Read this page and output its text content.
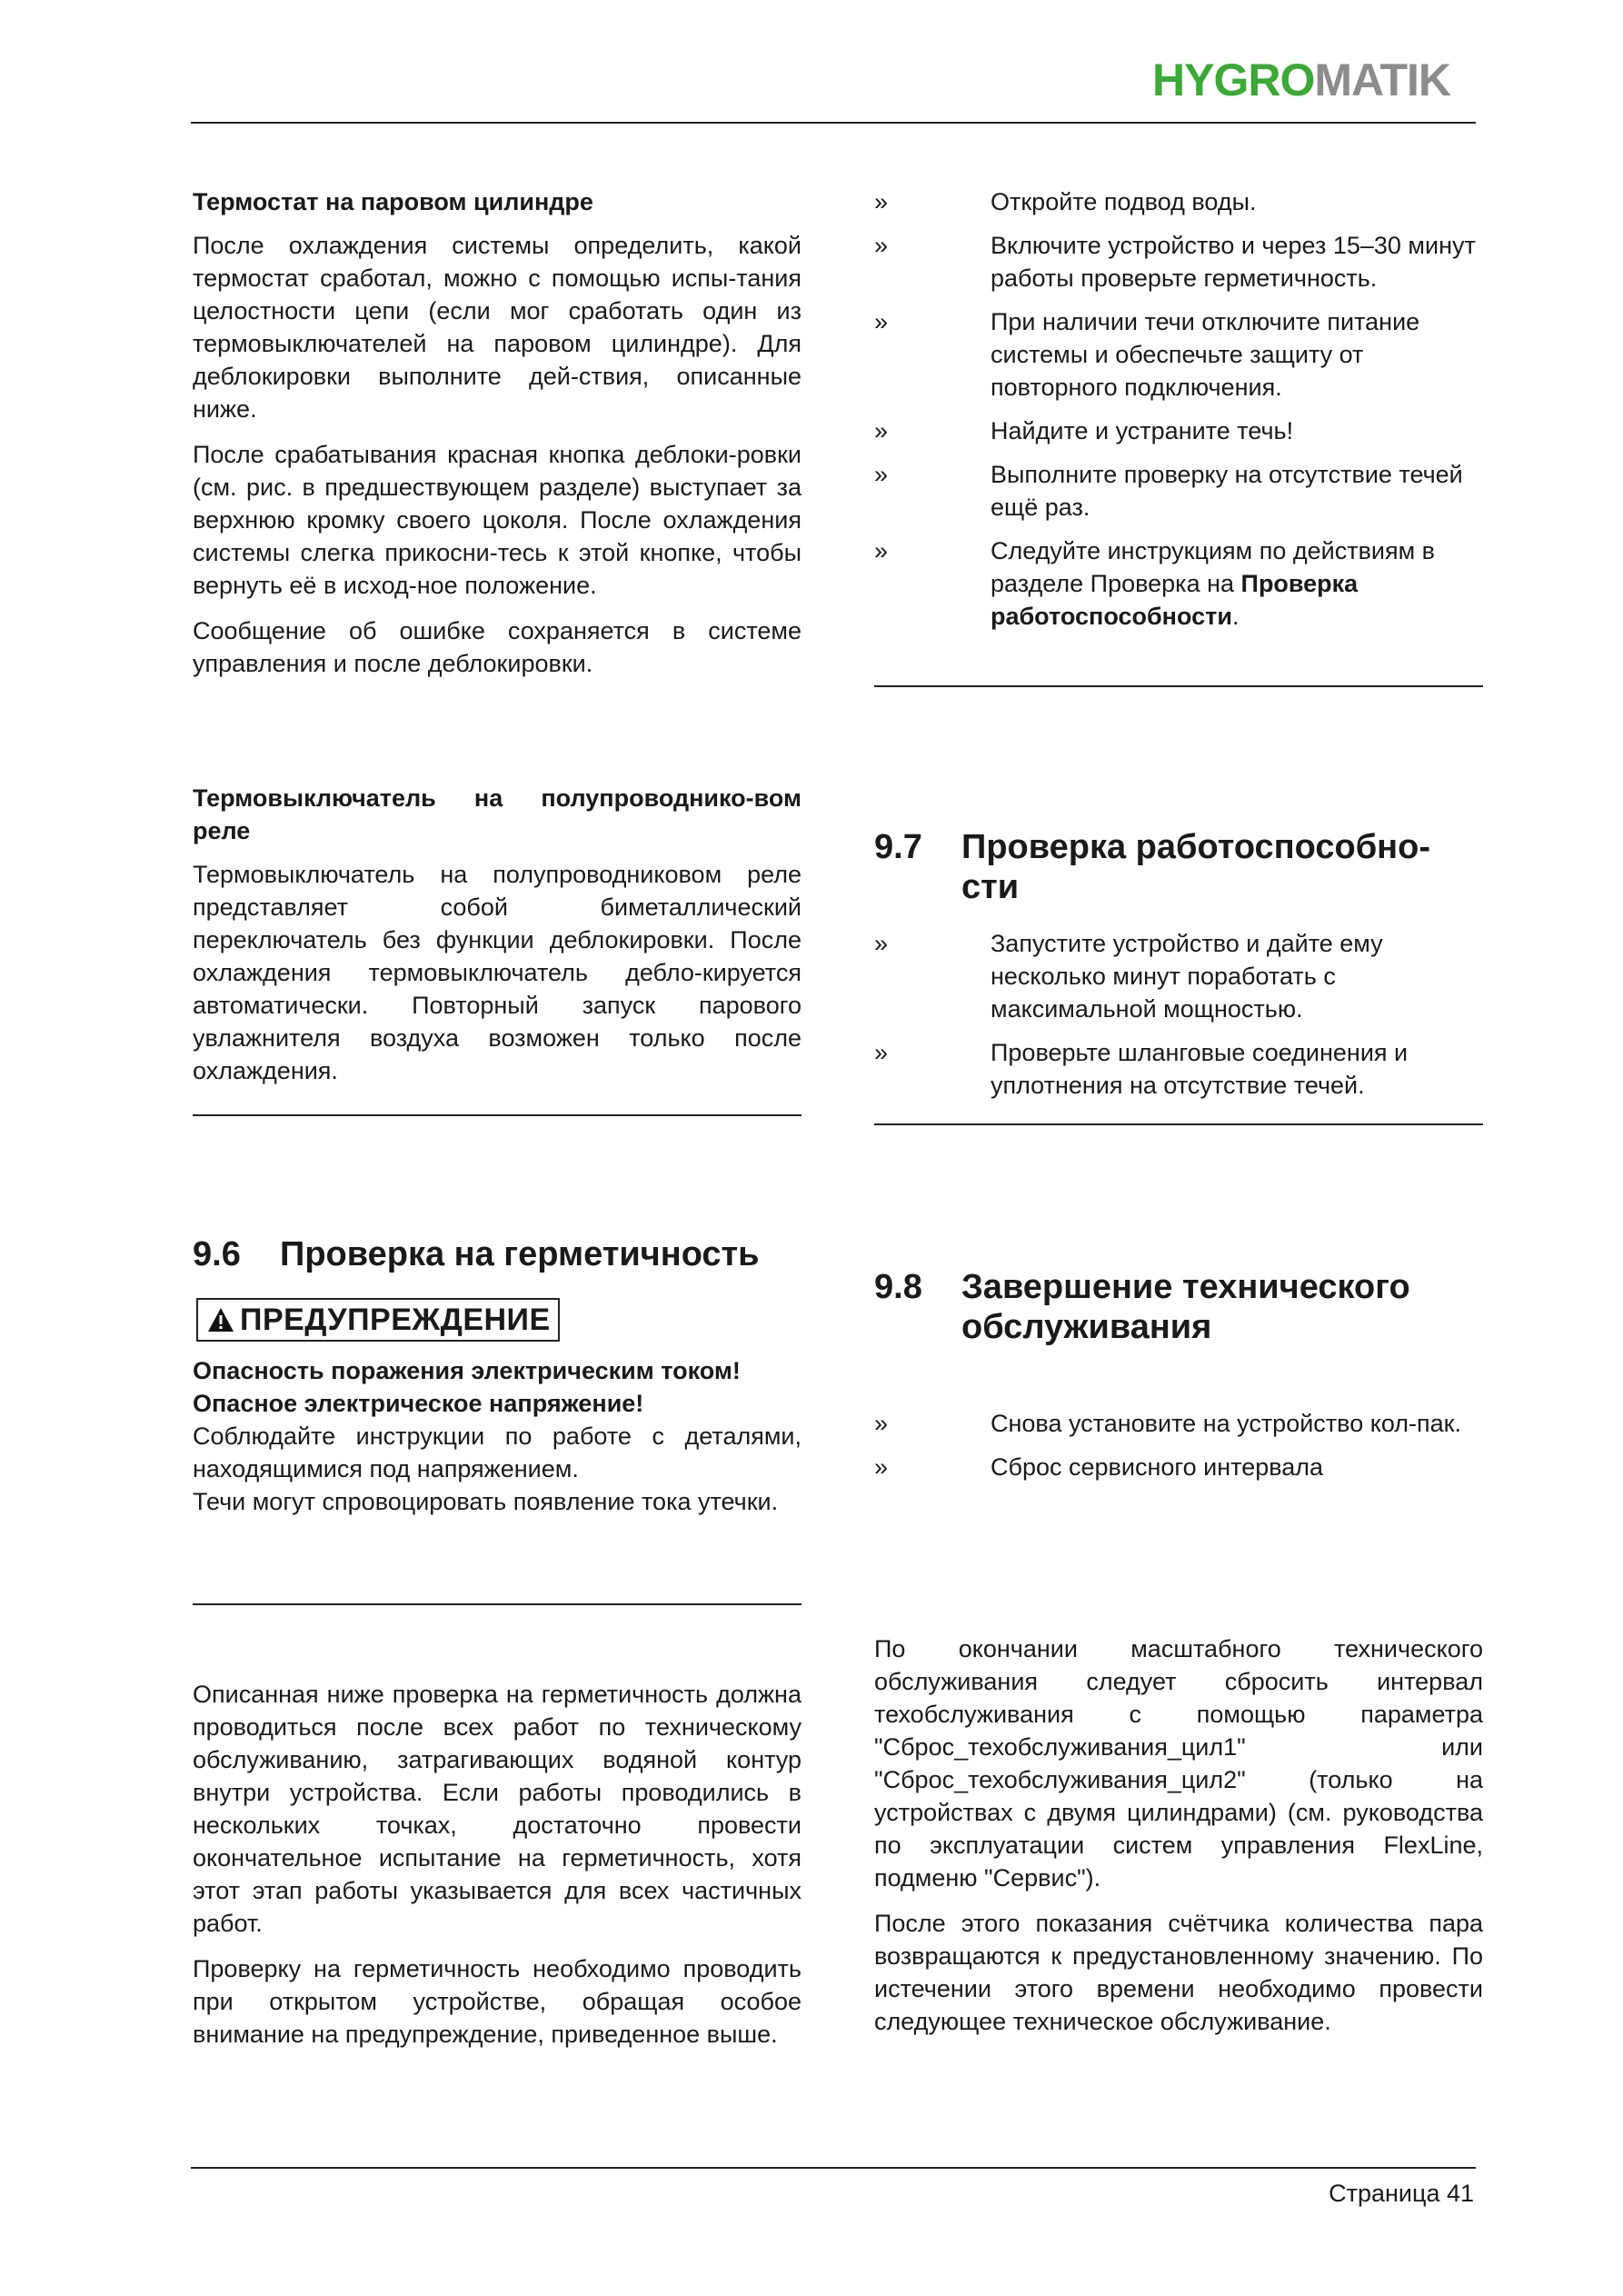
HYGROMATIK

Термостат на паровом цилиндре

После охлаждения системы определить, какой термостат сработал, можно с помощью испы-тания целостности цепи (если мог сработать один из термовыключателей на паровом цилиндре). Для деблокировки выполните дей-ствия, описанные ниже.

После срабатывания красная кнопка деблоки-ровки (см. рис. в предшествующем разделе) выступает за верхнюю кромку своего цоколя. После охлаждения системы слегка прикосни-тесь к этой кнопке, чтобы вернуть её в исход-ное положение.

Сообщение об ошибке сохраняется в системе управления и после деблокировки.

Термовыключатель на полупроводнико-вом реле

Термовыключатель на полупроводниковом реле представляет собой биметаллический переключатель без функции деблокировки. После охлаждения термовыключатель дебло-кируется автоматически. Повторный запуск парового увлажнителя воздуха возможен только после охлаждения.

9.6	Проверка на герметичность
ПРЕДУПРЕЖДЕНИЕ
Опасность поражения электрическим током!
Опасное электрическое напряжение!
Соблюдайте инструкции по работе с деталями, находящимися под напряжением.
Течи могут спровоцировать появление тока утечки.

Описанная ниже проверка на герметичность должна проводиться после всех работ по техническому обслуживанию, затрагивающих водяной контур внутри устройства. Если работы проводились в нескольких точках, достаточно провести окончательное испытание на герметичность, хотя этот этап работы указывается для всех частичных работ.

Проверку на герметичность необходимо проводить при открытом устройстве, обращая особое внимание на предупреждение, приведенное выше.

»	Откройте подвод воды.
»	Включите устройство и через 15–30 минут работы проверьте герметичность.
»	При наличии течи отключите питание системы и обеспечьте защиту от повторного подключения.
»	Найдите и устраните течь!
»	Выполните проверку на отсутствие течей ещё раз.
»	Следуйте инструкциям по действиям в разделе Проверка на Проверка работоспособности.
9.7	Проверка работоспособно-сти
»	Запустите устройство и дайте ему несколько минут поработать с максимальной мощностью.
»	Проверьте шланговые соединения и уплотнения на отсутствие течей.
9.8	Завершение технического обслуживания
»	Снова установите на устройство кол-пак.
»	Сброс сервисного интервала

По окончании масштабного технического обслуживания следует сбросить интервал техобслуживания с помощью параметра "Сброс_техобслуживания_цил1" или "Сброс_техобслуживания_цил2" (только на устройствах с двумя цилиндрами) (см. руководства по эксплуатации систем управления FlexLine, подменю "Сервис").

После этого показания счётчика количества пара возвращаются к предустановленному значению. По истечении этого времени необходимо провести следующее техническое обслуживание.

Страница 41
